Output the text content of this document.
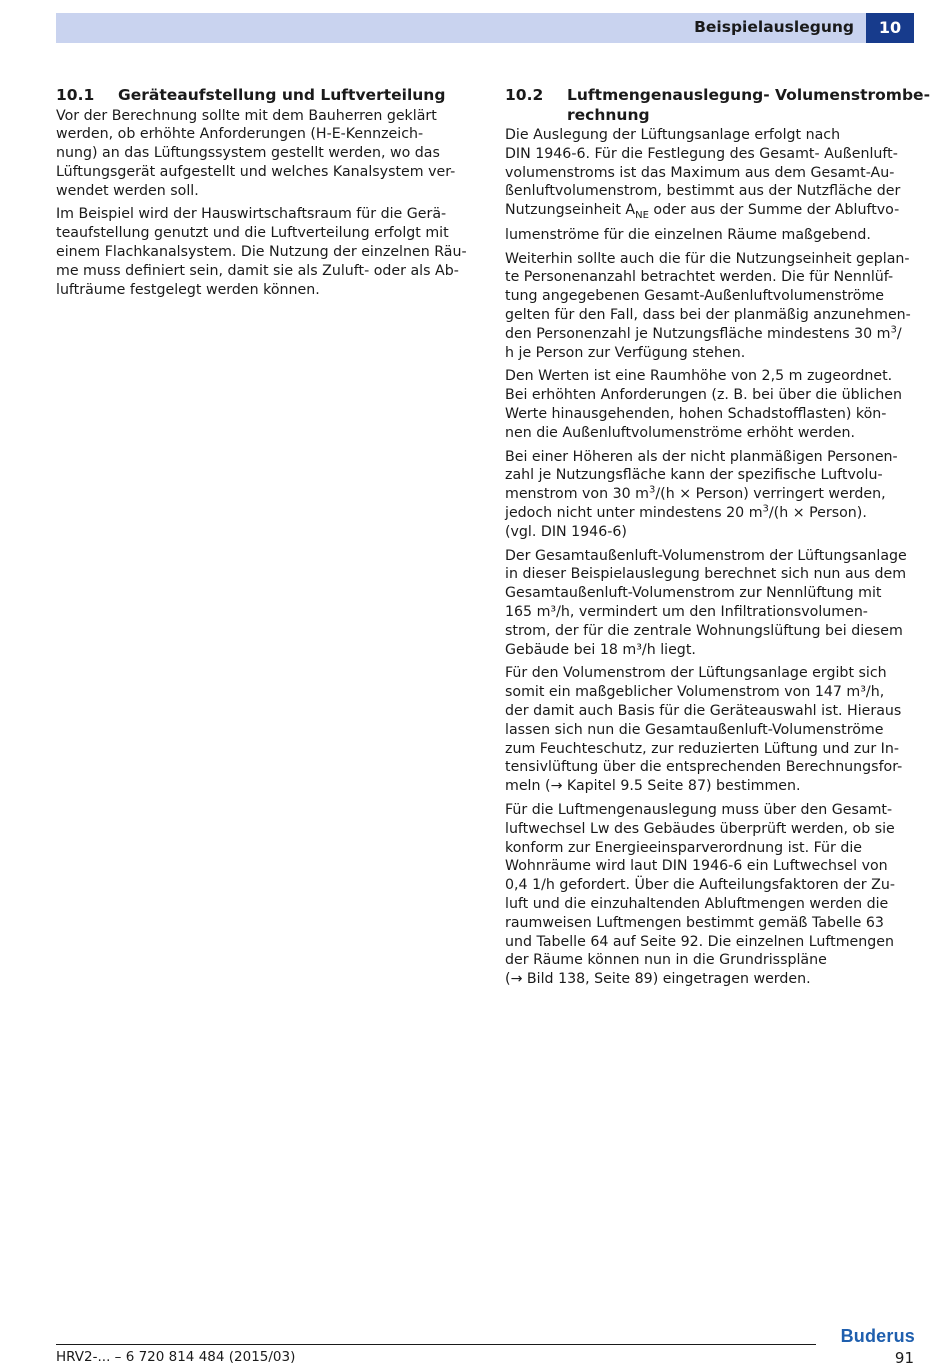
Beispielauslegung	10
10.1	Geräteaufstellung und Luftverteilung

Vor der Berechnung sollte mit dem Bauherren geklärt
werden, ob erhöhte Anforderungen (H-E-Kennzeich-
nung) an das Lüftungssystem gestellt werden, wo das
Lüftungsgerät aufgestellt und welches Kanalsystem ver-
wendet werden soll.

Im Beispiel wird der Hauswirtschaftsraum für die Gerä-
teaufstellung genutzt und die Luftverteilung erfolgt mit
einem Flachkanalsystem. Die Nutzung der einzelnen Räu-
me muss definiert sein, damit sie als Zuluft- oder als Ab-
lufträume festgelegt werden können.

10.2	Luftmengenauslegung- Volumenstrombe-
rechnung

Die Auslegung der Lüftungsanlage erfolgt nach
DIN 1946-6. Für die Festlegung des Gesamt- Außenluft-
volumenstroms ist das Maximum aus dem Gesamt-Au-
ßenluftvolumenstrom, bestimmt aus der Nutzfläche der
Nutzungseinheit $A_{NE}$ oder aus der Summe der Abluftvo-
lumenströme für die einzelnen Räume maßgebend.

Weiterhin sollte auch die für die Nutzungseinheit geplan-
te Personenanzahl betrachtet werden. Die für Nennlüf-
tung angegebenen Gesamt-Außenluftvolumenströme
gelten für den Fall, dass bei der planmäßig anzunehmen-
den Personenzahl je Nutzungsfläche mindestens 30 $m^3/$
h je Person zur Verfügung stehen.

Den Werten ist eine Raumhöhe von 2,5 m zugeordnet.
Bei erhöhten Anforderungen (z. B. bei über die üblichen
Werte hinausgehenden, hohen Schadstofflasten) kön-
nen die Außenluftvolumenströme erhöht werden.

Bei einer Höheren als der nicht planmäßigen Personen-
zahl je Nutzungsfläche kann der spezifische Luftvolu-
menstrom von 30 $m^3/(h$ × Person) verringert werden,
jedoch nicht unter mindestens 20 $m^3/(h$ × Person).
(vgl. DIN 1946-6)

Der Gesamtaußenluft-Volumenstrom der Lüftungsanlage
in dieser Beispielauslegung berechnet sich nun aus dem
Gesamtaußenluft-Volumenstrom zur Nennlüftung mit
165 m³/h, vermindert um den Infiltrationsvolumen-
strom, der für die zentrale Wohnungslüftung bei diesem
Gebäude bei 18 m³/h liegt.

Für den Volumenstrom der Lüftungsanlage ergibt sich
somit ein maßgeblicher Volumenstrom von 147 m³/h,
der damit auch Basis für die Geräteauswahl ist. Hieraus
lassen sich nun die Gesamtaußenluft-Volumenströme
zum Feuchteschutz, zur reduzierten Lüftung und zur In-
tensivlüftung über die entsprechenden Berechnungsfor-
meln (→ Kapitel 9.5 Seite 87) bestimmen.

Für die Luftmengenauslegung muss über den Gesamt-
luftwechsel Lw des Gebäudes überprüft werden, ob sie
konform zur Energieeinsparverordnung ist. Für die
Wohnräume wird laut DIN 1946-6 ein Luftwechsel von
0,4 1/h gefordert. Über die Aufteilungsfaktoren der Zu-
luft und die einzuhaltenden Abluftmengen werden die
raumweisen Luftmengen bestimmt gemäß Tabelle 63
und Tabelle 64 auf Seite 92. Die einzelnen Luftmengen
der Räume können nun in die Grundrisspläne
(→ Bild 138, Seite 89) eingetragen werden.

Buderus
HRV2-... – 6 720 814 484 (2015/03)	91
